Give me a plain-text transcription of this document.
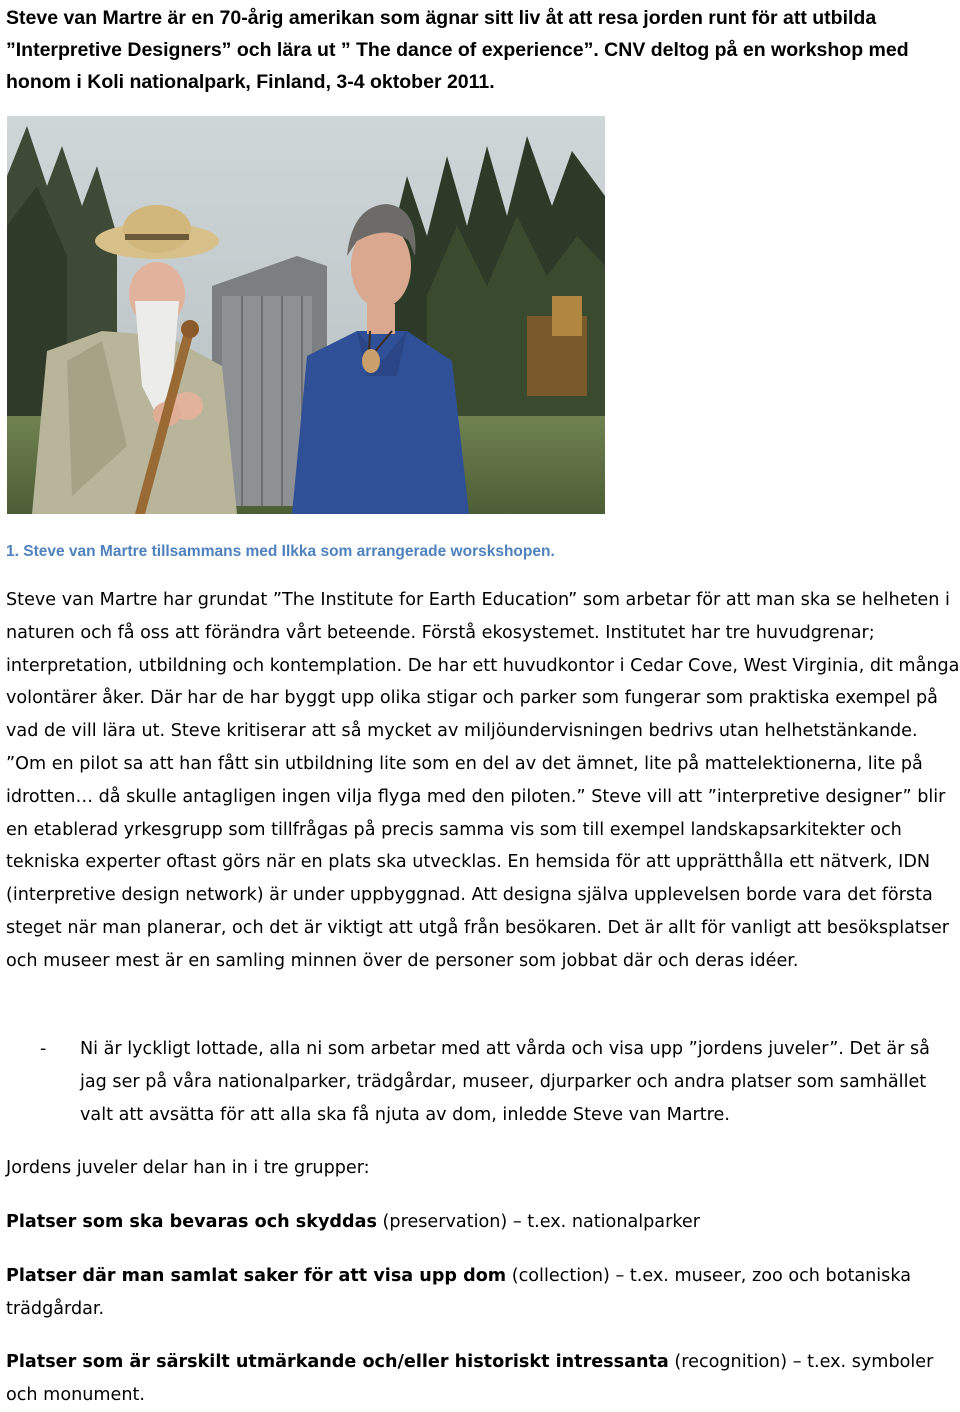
Steve van Martre är en 70-årig amerikan som ägnar sitt liv åt att resa jorden runt för att utbilda
”Interpretive Designers” och lära ut ” The dance of experience”. CNV deltog på en workshop med
honom i Koli nationalpark, Finland, 3-4 oktober 2011.
1. Steve van Martre tillsammans med Ilkka som arrangerade worskshopen.
Steve van Martre har grundat ”The Institute for Earth Education” som arbetar för att man ska se helheten i naturen och få oss att förändra vårt beteende. Förstå ekosystemet. Institutet har tre huvudgrenar; interpretation, utbildning och kontemplation. De har ett huvudkontor i Cedar Cove, West Virginia, dit många volontärer åker. Där har de har byggt upp olika stigar och parker som fungerar som praktiska exempel på vad de vill lära ut. Steve kritiserar att så mycket av miljöundervisningen bedrivs utan helhetstänkande. ”Om en pilot sa att han fått sin utbildning lite som en del av det ämnet, lite på mattelektionerna, lite på idrotten… då skulle antagligen ingen vilja flyga med den piloten.” Steve vill att ”interpretive designer” blir en etablerad yrkesgrupp som tillfrågas på precis samma vis som till exempel landskapsarkitekter och tekniska experter oftast görs när en plats ska utvecklas. En hemsida för att upprätthålla ett nätverk, IDN (interpretive design network) är under uppbyggnad. Att designa själva upplevelsen borde vara det första steget när man planerar, och det är viktigt att utgå från besökaren. Det är allt för vanligt att besöksplatser och museer mest är en samling minnen över de personer som jobbat där och deras idéer.
- Ni är lyckligt lottade, alla ni som arbetar med att vårda och visa upp ”jordens juveler”. Det är så jag ser på våra nationalparker, trädgårdar, museer, djurparker och andra platser som samhället valt att avsätta för att alla ska få njuta av dom, inledde Steve van Martre.
Jordens juveler delar han in i tre grupper:
Platser som ska bevaras och skyddas (preservation) – t.ex. nationalparker
Platser där man samlat saker för att visa upp dom (collection) – t.ex. museer, zoo och botaniska trädgårdar.
Platser som är särskilt utmärkande och/eller historiskt intressanta (recognition) – t.ex. symboler och monument.
